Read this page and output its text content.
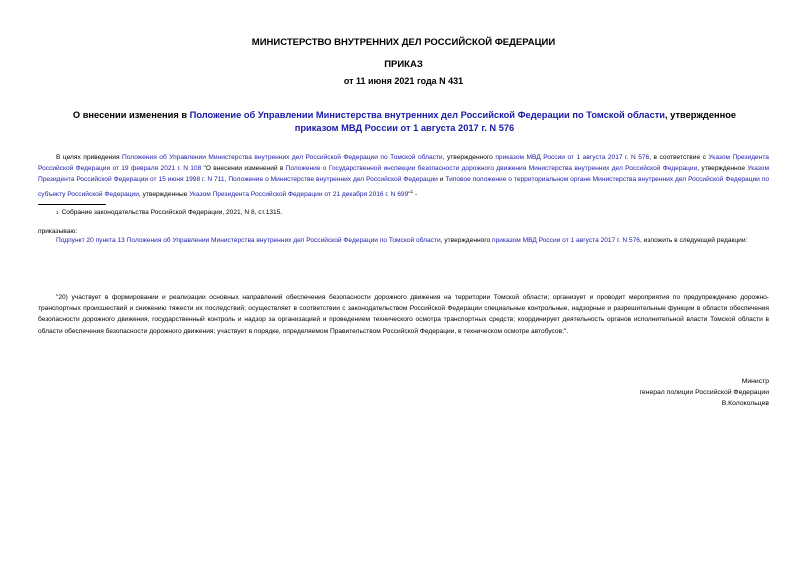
МИНИСТЕРСТВО ВНУТРЕННИХ ДЕЛ РОССИЙСКОЙ ФЕДЕРАЦИИ
ПРИКАЗ
от 11 июня 2021 года N 431
О внесении изменения в Положение об Управлении Министерства внутренних дел Российской Федерации по Томской области, утвержденное приказом МВД России от 1 августа 2017 г. N 576
В целях приведения Положения об Управлении Министерства внутренних дел Российской Федерации по Томской области, утвержденного приказом МВД России от 1 августа 2017 г. N 576, в соответствие с Указом Президента Российской Федерации от 19 февраля 2021 г. N 108 "О внесении изменений в Положение о Государственной инспекции безопасности дорожного движения Министерства внутренних дел Российской Федерации, утвержденное Указом Президента Российской Федерации от 15 июня 1998 г. N 711, Положение о Министерстве внутренних дел Российской Федерации и Типовое положение о территориальном органе Министерства внутренних дел Российской Федерации по субъекту Российской Федерации, утвержденные Указом Президента Российской Федерации от 21 декабря 2016 г. N 699"$^1$ -
$^1$ Собрание законодательства Российской Федерации, 2021, N 8, ст.1315.
приказываю:
Подпункт 20 пункта 13 Положения об Управлении Министерства внутренних дел Российской Федерации по Томской области, утвержденного приказом МВД России от 1 августа 2017 г. N 576, изложить в следующей редакции:
"20) участвует в формировании и реализации основных направлений обеспечения безопасности дорожного движения на территории Томской области; организует и проводит мероприятия по предупреждению дорожно-транспортных происшествий и снижению тяжести их последствий; осуществляет в соответствии с законодательством Российской Федерации специальные контрольные, надзорные и разрешительные функции в области обеспечения безопасности дорожного движения, государственный контроль и надзор за организацией и проведением технического осмотра транспортных средств; координирует деятельность органов исполнительной власти Томской области в области обеспечения безопасности дорожного движения; участвует в порядке, определяемом Правительством Российской Федерации, в техническом осмотре автобусов;".
Министр
генерал полиции Российской Федерации
В.Колокольцев
